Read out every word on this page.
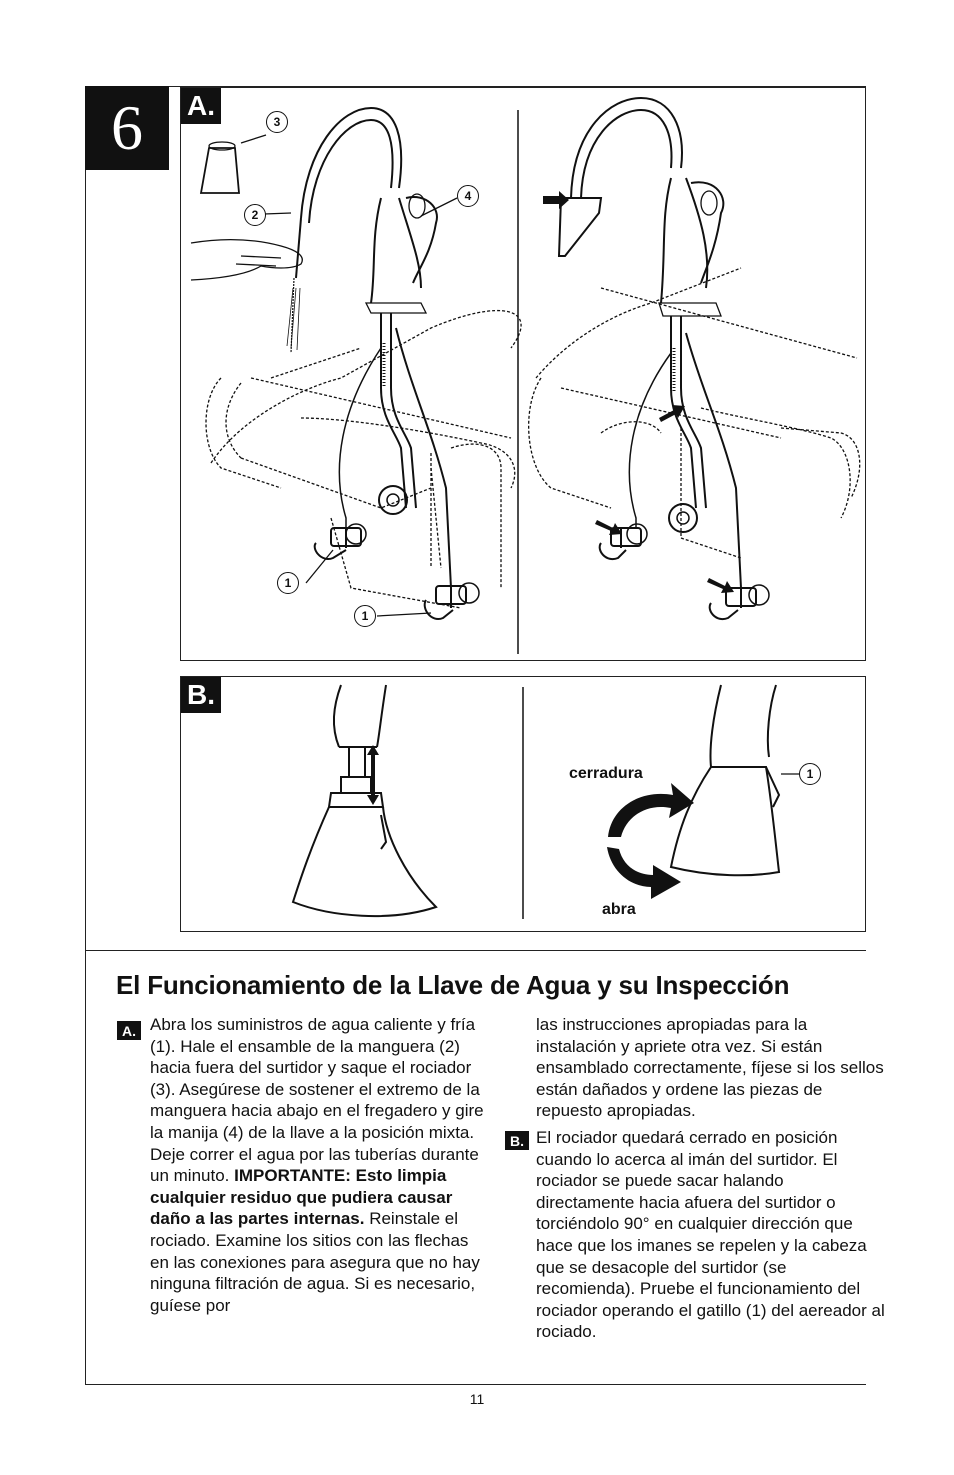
6 A.
3
2
4
1
1
B.
1
cerradura
abra
El Funcionamiento de la Llave de Agua y su Inspección
A. Abra los suministros de agua caliente y fría (1). Hale el ensamble de la manguera (2) hacia fuera del surtidor y saque el rociador (3). Asegúrese de sostener el extremo de la manguera hacia abajo en el fregadero y gire la manija (4) de la llave a la posición mixta. Deje correr el agua por las tuberías durante un minuto. IMPORTANTE: Esto limpia cualquier residuo que pudiera causar daño a las partes internas. Reinstale el rociado. Examine los sitios con las flechas en las conexiones para asegura que no hay ninguna filtración de agua. Si es necesario, guíese por

las instrucciones apropiadas para la instalación y apriete otra vez. Si están ensamblado correctamente, fíjese si los sellos están dañados y ordene las piezas de repuesto apropiadas.

B. El rociador quedará cerrado en posición cuando lo acerca al imán del surtidor. El rociador se puede sacar halando directamente hacia afuera del surtidor o torciéndolo 90° en cualquier dirección que hace que los imanes se repelen y la cabeza que se desacople del surtidor (se recomienda). Pruebe el funcionamiento del rociador operando el gatillo (1) del aereador al rociado.

11
